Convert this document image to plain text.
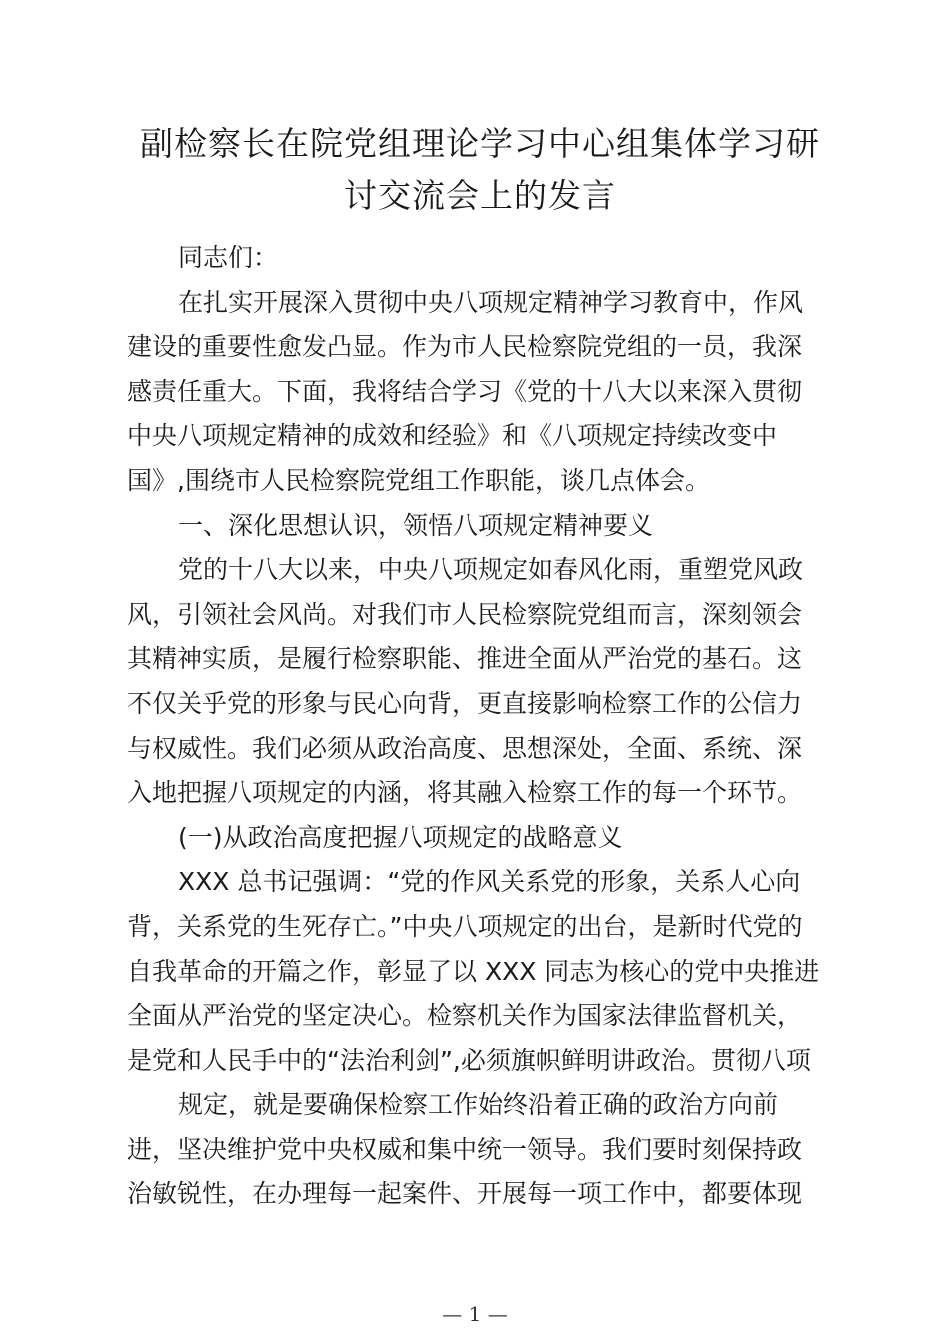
副检察长在院党组理论学习中心组集体学习研
讨交流会上的发言
同志们：
在扎实开展深入贯彻中央八项规定精神学习教育中，作风
建设的重要性愈发凸显。作为市人民检察院党组的一员，我深
感责任重大。下面，我将结合学习《党的十八大以来深入贯彻
中央八项规定精神的成效和经验》和《八项规定持续改变中
国》,围绕市人民检察院党组工作职能，谈几点体会。
一、深化思想认识，领悟八项规定精神要义
党的十八大以来，中央八项规定如春风化雨，重塑党风政
风，引领社会风尚。对我们市人民检察院党组而言，深刻领会
其精神实质，是履行检察职能、推进全面从严治党的基石。这
不仅关乎党的形象与民心向背，更直接影响检察工作的公信力
与权威性。我们必须从政治高度、思想深处，全面、系统、深
入地把握八项规定的内涵，将其融入检察工作的每一个环节。
(一)从政治高度把握八项规定的战略意义
XXX 总书记强调：“党的作风关系党的形象，关系人心向
背，关系党的生死存亡。”中央八项规定的出台，是新时代党的
自我革命的开篇之作，彰显了以 XXX 同志为核心的党中央推进
全面从严治党的坚定决心。检察机关作为国家法律监督机关，
是党和人民手中的“法治利剑”,必须旗帜鲜明讲政治。贯彻八项
规定，就是要确保检察工作始终沿着正确的政治方向前
进，坚决维护党中央权威和集中统一领导。我们要时刻保持政
治敏锐性，在办理每一起案件、开展每一项工作中，都要体现
— 1 —
